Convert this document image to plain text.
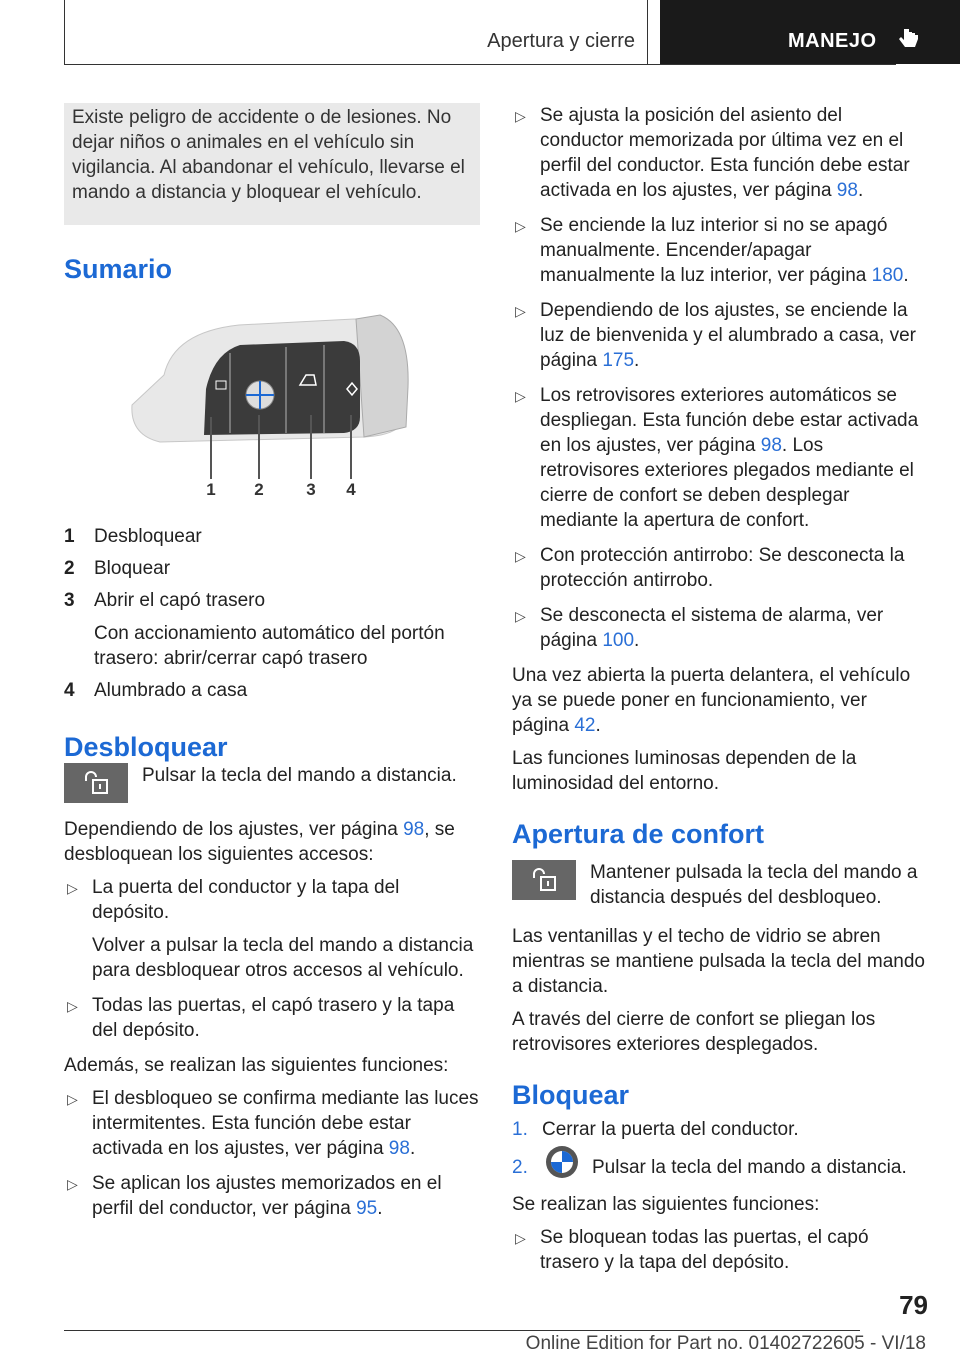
Apertura y cierre	MANEJO
Existe peligro de accidente o de lesiones. No dejar niños o animales en el vehículo sin vigilancia. Al abandonar el vehículo, llevarse el mando a distancia y bloquear el vehículo.
Sumario
1 2	3 4
1	Desbloquear
2	Bloquear
3	Abrir el capó trasero

Con accionamiento automático del portón trasero: abrir/cerrar capó trasero
4	Alumbrado a casa
Desbloquear
Pulsar la tecla del mando a distancia.

Dependiendo de los ajustes, ver página 98, se desbloquean los siguientes accesos:

▷ La puerta del conductor y la tapa del depósito.
Volver a pulsar la tecla del mando a distancia para desbloquear otros accesos al vehículo.
▷ Todas las puertas, el capó trasero y la tapa del depósito.

Además, se realizan las siguientes funciones:

▷ El desbloqueo se confirma mediante las luces intermitentes. Esta función debe estar activada en los ajustes, ver página 98.
▷ Se aplican los ajustes memorizados en el perfil del conductor, ver página 95.
▷ Se ajusta la posición del asiento del conductor memorizada por última vez en el perfil del conductor. Esta función debe estar activada en los ajustes, ver página 98.
▷ Se enciende la luz interior si no se apagó manualmente. Encender/apagar manualmente la luz interior, ver página 180.
▷ Dependiendo de los ajustes, se enciende la luz de bienvenida y el alumbrado a casa, ver página 175.
▷ Los retrovisores exteriores automáticos se despliegan. Esta función debe estar activada en los ajustes, ver página 98. Los retrovisores exteriores plegados mediante el cierre de confort se deben desplegar mediante la apertura de confort.
▷ Con protección antirrobo: Se desconecta la protección antirrobo.
▷ Se desconecta el sistema de alarma, ver página 100.

Una vez abierta la puerta delantera, el vehículo ya se puede poner en funcionamiento, ver página 42.

Las funciones luminosas dependen de la luminosidad del entorno.

Apertura de confort
Mantener pulsada la tecla del mando a distancia después del desbloqueo.

Las ventanillas y el techo de vidrio se abren mientras se mantiene pulsada la tecla del mando a distancia.

A través del cierre de confort se pliegan los retrovisores exteriores desplegados.

Bloquear
1. Cerrar la puerta del conductor.
2.	Pulsar la tecla del mando a distancia.

Se realizan las siguientes funciones:

▷ Se bloquean todas las puertas, el capó trasero y la tapa del depósito.
79
Online Edition for Part no. 01402722605 - VI/18
